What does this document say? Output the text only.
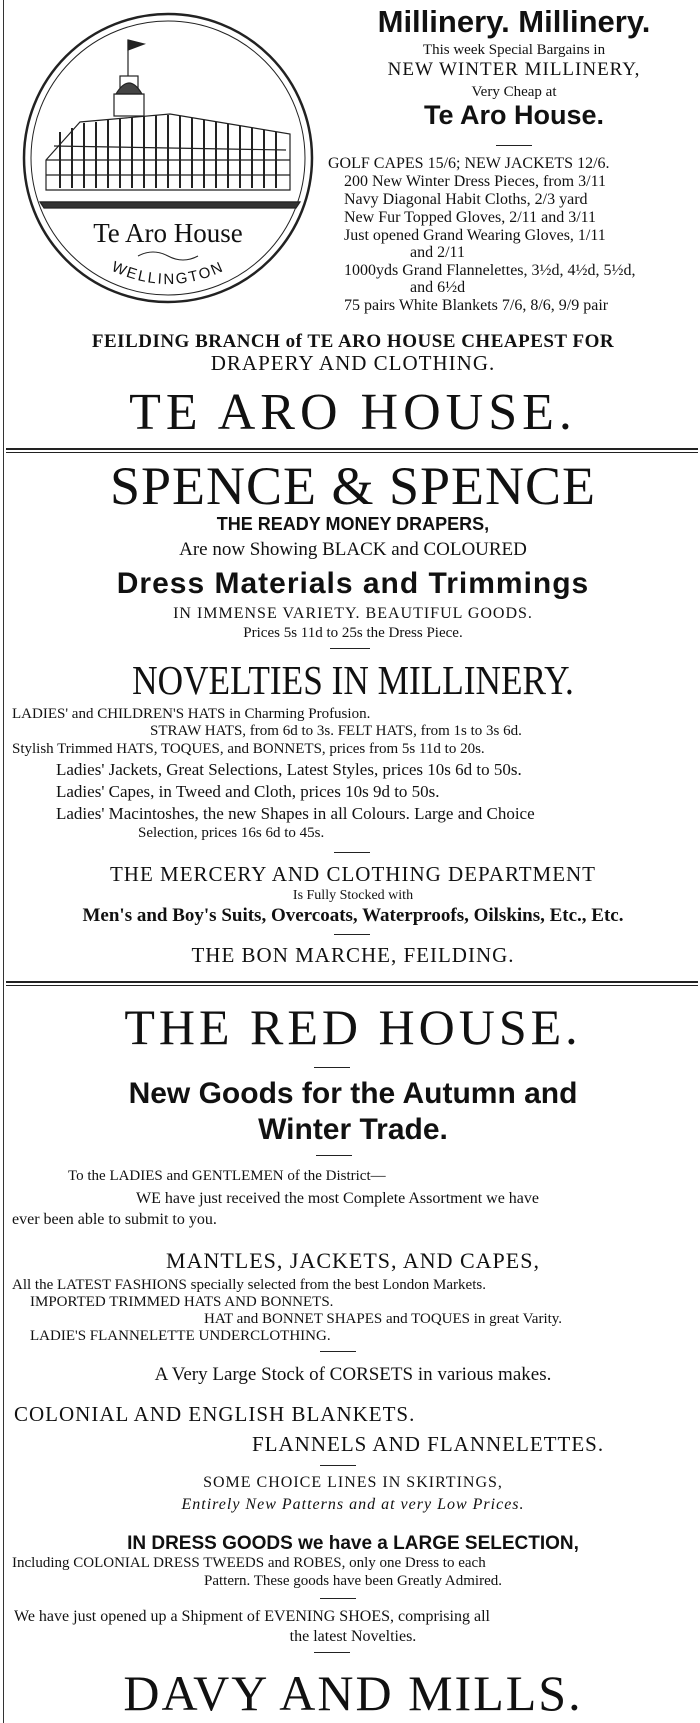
Te Aro House
WELLINGTON
Millinery. Millinery.
This week Special Bargains in
NEW WINTER MILLINERY,
Very Cheap at
Te Aro House.
GOLF CAPES 15/6; NEW JACKETS 12/6.
200 New Winter Dress Pieces, from 3/11
Navy Diagonal Habit Cloths, 2/3 yard
New Fur Topped Gloves, 2/11 and 3/11
Just opened Grand Wearing Gloves, 1/11
and 2/11
1000yds Grand Flannelettes, 3½d, 4½d, 5½d,
and 6½d
75 pairs White Blankets 7/6, 8/6, 9/9 pair
FEILDING BRANCH of TE ARO HOUSE CHEAPEST FOR
DRAPERY AND CLOTHING.
TE ARO HOUSE.
SPENCE & SPENCE
THE READY MONEY DRAPERS,
Are now Showing BLACK and COLOURED
Dress Materials and Trimmings
IN IMMENSE VARIETY. BEAUTIFUL GOODS.
Prices 5s 11d to 25s the Dress Piece.
NOVELTIES IN MILLINERY.
LADIES' and CHILDREN'S HATS in Charming Profusion.
STRAW HATS, from 6d to 3s. FELT HATS, from 1s to 3s 6d.
Stylish Trimmed HATS, TOQUES, and BONNETS, prices from 5s 11d to 20s.
Ladies' Jackets, Great Selections, Latest Styles, prices 10s 6d to 50s.
Ladies' Capes, in Tweed and Cloth, prices 10s 9d to 50s.
Ladies' Macintoshes, the new Shapes in all Colours. Large and Choice
Selection, prices 16s 6d to 45s.
THE MERCERY AND CLOTHING DEPARTMENT
Is Fully Stocked with
Men's and Boy's Suits, Overcoats, Waterproofs, Oilskins, Etc., Etc.
THE BON MARCHE, FEILDING.
THE RED HOUSE.
New Goods for the Autumn and
Winter Trade.
To the LADIES and GENTLEMEN of the District—
WE have just received the most Complete Assortment we have
ever been able to submit to you.
MANTLES, JACKETS, AND CAPES,
All the LATEST FASHIONS specially selected from the best London Markets.
IMPORTED TRIMMED HATS AND BONNETS.
HAT and BONNET SHAPES and TOQUES in great Varity.
LADIE'S FLANNELETTE UNDERCLOTHING.
A Very Large Stock of CORSETS in various makes.
COLONIAL AND ENGLISH BLANKETS.
FLANNELS AND FLANNELETTES.
SOME CHOICE LINES IN SKIRTINGS,
Entirely New Patterns and at very Low Prices.
IN DRESS GOODS we have a LARGE SELECTION,
Including COLONIAL DRESS TWEEDS and ROBES, only one Dress to each
Pattern. These goods have been Greatly Admired.
We have just opened up a Shipment of EVENING SHOES, comprising all
the latest Novelties.
DAVY AND MILLS.
